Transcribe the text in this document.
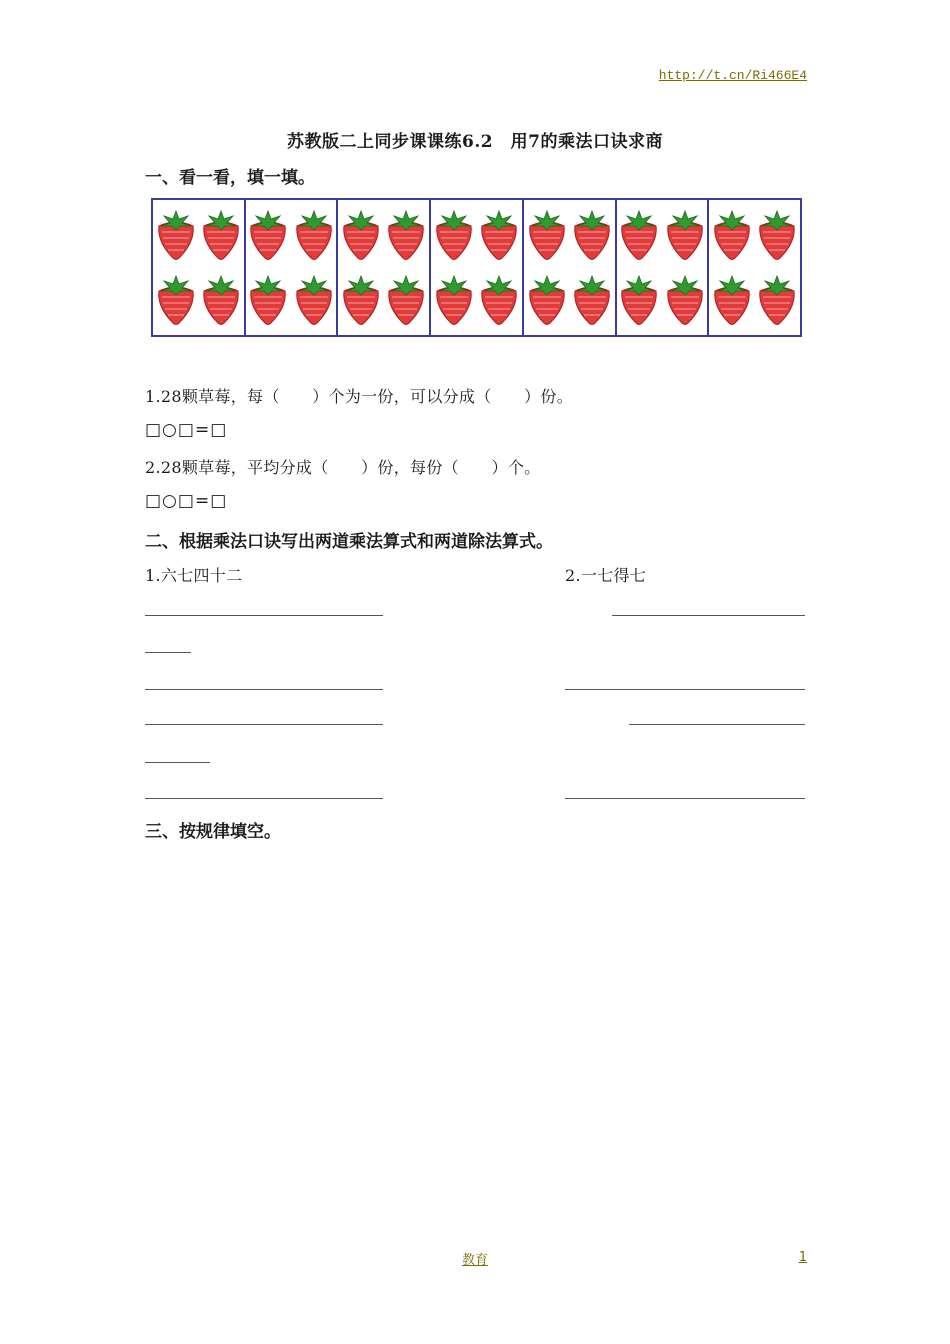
http://t.cn/Ri466E4
苏教版二上同步课课练6.2　用7的乘法口诀求商
一、看一看，填一填。
1.28颗草莓，每（　　）个为一份，可以分成（　　）份。
□○□=□
2.28颗草莓，平均分成（　　）份，每份（　　）个。
□○□=□
二、根据乘法口诀写出两道乘法算式和两道除法算式。
1.六七四十二	2.一七得七
三、按规律填空。
教育	1
